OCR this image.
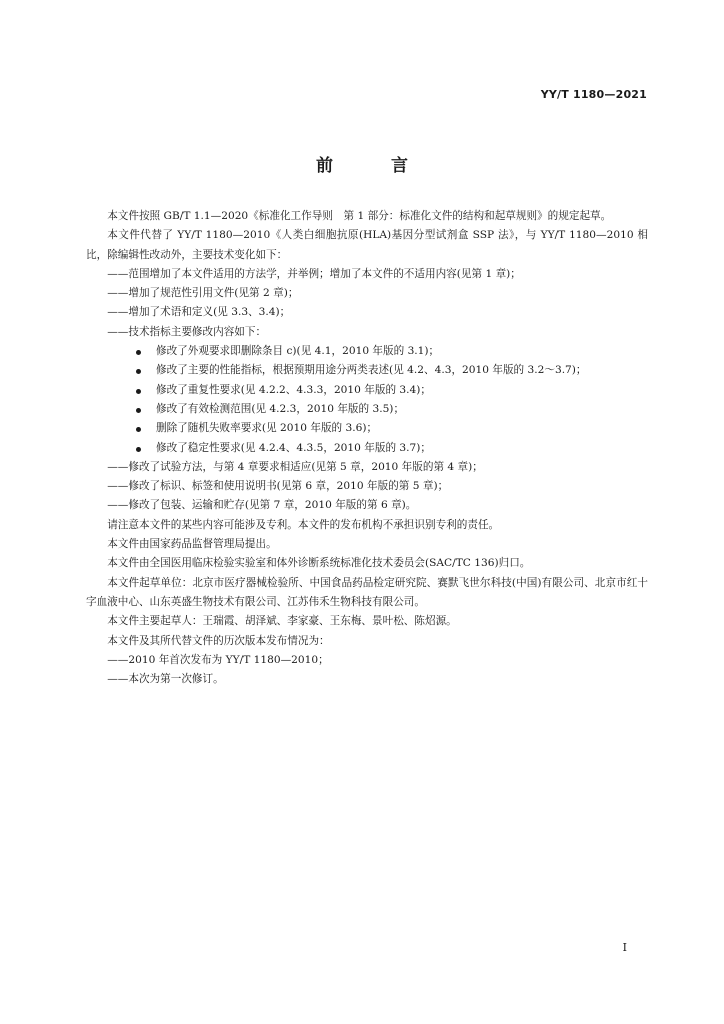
YY/T 1180—2021
前 言

本文件按照 GB/T 1.1—2020《标准化工作导则　第 1 部分：标准化文件的结构和起草规则》的规定起草。

本文件代替了 YY/T 1180—2010《人类白细胞抗原(HLA)基因分型试剂盒 SSP 法》，与 YY/T 1180—2010 相比，除编辑性改动外，主要技术变化如下：

——范围增加了本文件适用的方法学，并举例；增加了本文件的不适用内容(见第 1 章)；

——增加了规范性引用文件(见第 2 章)；

——增加了术语和定义(见 3.3、3.4)；

——技术指标主要修改内容如下：

修改了外观要求即删除条目 c)(见 4.1，2010 年版的 3.1)；

修改了主要的性能指标，根据预期用途分两类表述(见 4.2、4.3，2010 年版的 3.2～3.7)；

修改了重复性要求(见 4.2.2、4.3.3，2010 年版的 3.4)；

修改了有效检测范围(见 4.2.3，2010 年版的 3.5)；

删除了随机失败率要求(见 2010 年版的 3.6)；

修改了稳定性要求(见 4.2.4、4.3.5，2010 年版的 3.7)；

——修改了试验方法，与第 4 章要求相适应(见第 5 章，2010 年版的第 4 章)；

——修改了标识、标签和使用说明书(见第 6 章，2010 年版的第 5 章)；

——修改了包装、运输和贮存(见第 7 章，2010 年版的第 6 章)。

请注意本文件的某些内容可能涉及专利。本文件的发布机构不承担识别专利的责任。

本文件由国家药品监督管理局提出。

本文件由全国医用临床检验实验室和体外诊断系统标准化技术委员会(SAC/TC 136)归口。

本文件起草单位：北京市医疗器械检验所、中国食品药品检定研究院、赛默飞世尔科技(中国)有限公司、北京市红十字血液中心、山东英盛生物技术有限公司、江苏伟禾生物科技有限公司。

本文件主要起草人：王瑞霞、胡泽斌、李家豪、王东梅、景叶松、陈炤源。

本文件及其所代替文件的历次版本发布情况为：

——2010 年首次发布为 YY/T 1180—2010；

——本次为第一次修订。

I
